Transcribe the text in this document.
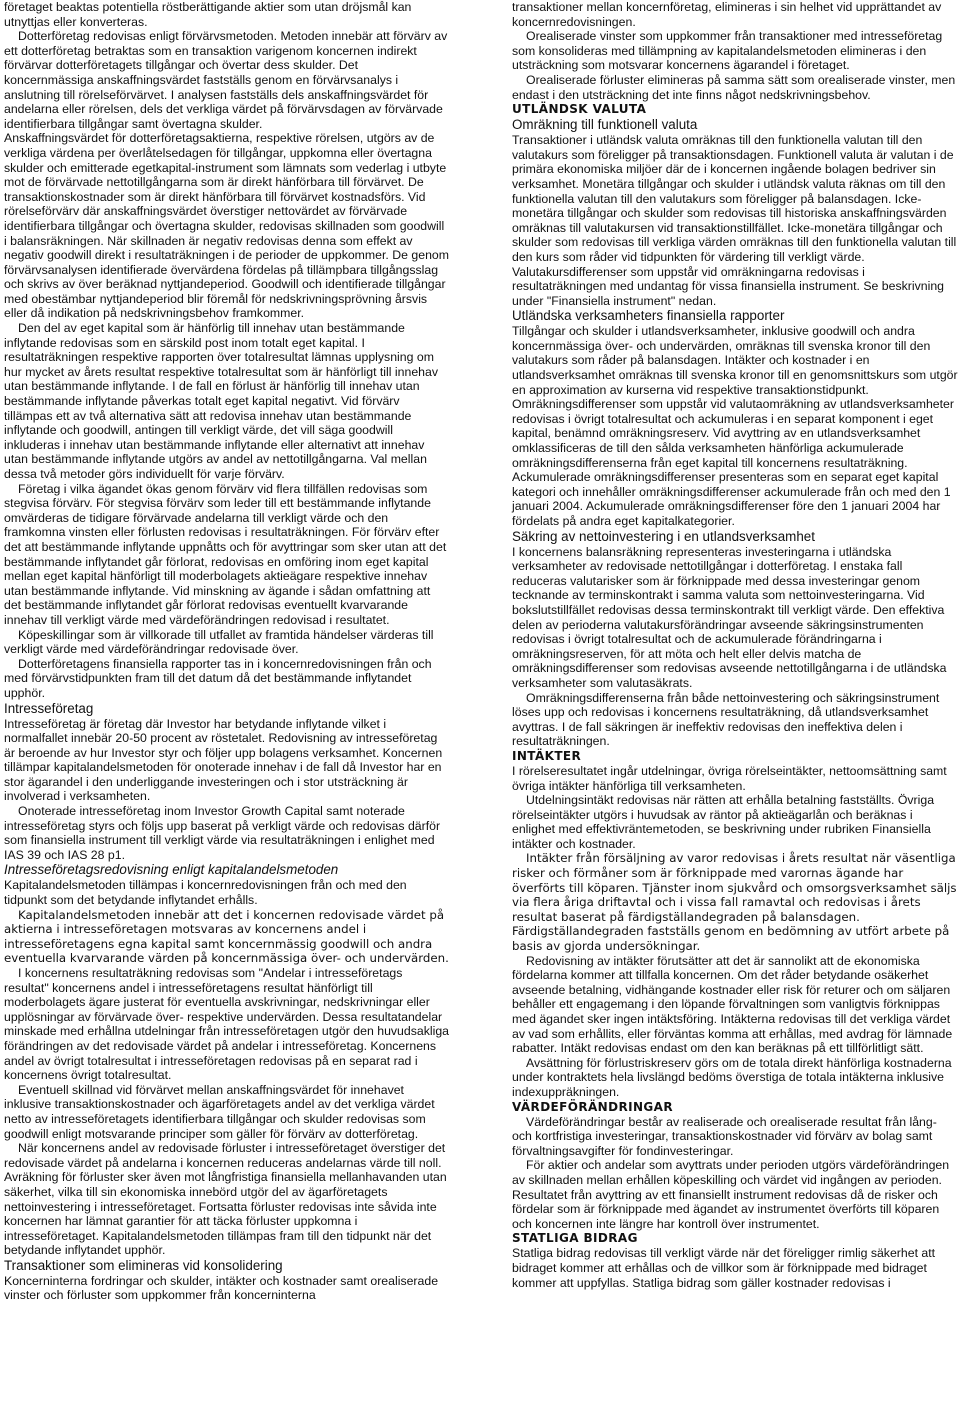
företaget beaktas potentiella röstberättigande aktier som utan dröjsmål kan utnyttjas eller konverteras.

Dotterföretag redovisas enligt förvärvsmetoden. Metoden innebär att förvärv av ett dotterföretag betraktas som en transaktion varigenom koncernen indirekt förvärvar dotterföretagets tillgångar och övertar dess skulder. Det koncernmässiga anskaffningsvärdet fastställs genom en förvärvsanalys i anslutning till rörelseförvärvet. I analysen fastställs dels anskaffningsvärdet för andelarna eller rörelsen, dels det verkliga värdet på förvärvsdagen av förvärvade identifierbara tillgångar samt övertagna skulder.

Anskaffningsvärdet för dotterföretagsaktierna, respektive rörelsen, utgörs av de verkliga värdena per överlåtelsedagen för tillgångar, uppkomna eller övertagna skulder och emitterade egetkapital-instrument som lämnats som vederlag i utbyte mot de förvärvade nettotillgångarna som är direkt hänförbara till förvärvet. De transaktionskostnader som är direkt hänförbara till förvärvet kostnadsförs. Vid rörelseförvärv där anskaffningsvärdet överstiger nettovärdet av förvärvade identifierbara tillgångar och övertagna skulder, redovisas skillnaden som goodwill i balansräkningen. När skillnaden är negativ redovisas denna som effekt av negativ goodwill direkt i resultaträkningen i de perioder de uppkommer. De genom förvärvsanalysen identifierade övervärdena fördelas på tillämpbara tillgångsslag och skrivs av över beräknad nyttjandeperiod. Goodwill och identifierade tillgångar med obestämbar nyttjandeperiod blir föremål för nedskrivningsprövning årsvis eller då indikation på nedskrivningsbehov framkommer.

Den del av eget kapital som är hänförlig till innehav utan bestämmande inflytande redovisas som en särskild post inom totalt eget kapital. I resultaträkningen respektive rapporten över totalresultat lämnas upplysning om hur mycket av årets resultat respektive totalresultat som är hänförligt till innehav utan bestämmande inflytande. I de fall en förlust är hänförlig till innehav utan bestämmande inflytande påverkas totalt eget kapital negativt. Vid förvärv tillämpas ett av två alternativa sätt att redovisa innehav utan bestämmande inflytande och goodwill, antingen till verkligt värde, det vill säga goodwill inkluderas i innehav utan bestämmande inflytande eller alternativt att innehav utan bestämmande inflytande utgörs av andel av nettotillgångarna. Val mellan dessa två metoder görs individuellt för varje förvärv.

Företag i vilka ägandet ökas genom förvärv vid flera tillfällen redovisas som stegvisa förvärv. För stegvisa förvärv som leder till ett bestämmande inflytande omvärderas de tidigare förvärvade andelarna till verkligt värde och den framkomna vinsten eller förlusten redovisas i resultaträkningen. För förvärv efter det att bestämmande inflytande uppnåtts och för avyttringar som sker utan att det bestämmande inflytandet går förlorat, redovisas en omföring inom eget kapital mellan eget kapital hänförligt till moderbolagets aktieägare respektive innehav utan bestämmande inflytande. Vid minskning av ägande i sådan omfattning att det bestämmande inflytandet går förlorat redovisas eventuellt kvarvarande innehav till verkligt värde med värdeförändringen redovisad i resultatet.

Köpeskillingar som är villkorade till utfallet av framtida händelser värderas till verkligt värde med värdeförändringar redovisade över.

Dotterföretagens finansiella rapporter tas in i koncernredovisningen från och med förvärvstidpunkten fram till det datum då det bestämmande inflytandet upphör.

Intresseföretag

Intresseföretag är företag där Investor har betydande inflytande vilket i normalfallet innebär 20-50 procent av röstetalet. Redovisning av intresseföretag är beroende av hur Investor styr och följer upp bolagens verksamhet. Koncernen tillämpar kapitalandelsmetoden för onoterade innehav i de fall då Investor har en stor ägarandel i den underliggande investeringen och i stor utsträckning är involverad i verksamheten.

Onoterade intresseföretag inom Investor Growth Capital samt noterade intresseföretag styrs och följs upp baserat på verkligt värde och redovisas därför som finansiella instrument till verkligt värde via resultaträkningen i enlighet med IAS 39 och IAS 28 p1.

Intresseföretagsredovisning enligt kapitalandelsmetoden

Kapitalandelsmetoden tillämpas i koncernredovisningen från och med den tidpunkt som det betydande inflytandet erhålls.

Kapitalandelsmetoden innebär att det i koncernen redovisade värdet på aktierna i intresseföretagen motsvaras av koncernens andel i intresseföretagens egna kapital samt koncernmässig goodwill och andra eventuella kvarvarande värden på koncernmässiga över- och undervärden.

I koncernens resultaträkning redovisas som "Andelar i intresseföretags resultat" koncernens andel i intresseföretagens resultat hänförligt till moderbolagets ägare justerat för eventuella avskrivningar, nedskrivningar eller upplösningar av förvärvade över- respektive undervärden. Dessa resultatandelar minskade med erhållna utdelningar från intresseföretagen utgör den huvudsakliga förändringen av det redovisade värdet på andelar i intresseföretag. Koncernens andel av övrigt totalresultat i intresseföretagen redovisas på en separat rad i koncernens övrigt totalresultat.

Eventuell skillnad vid förvärvet mellan anskaffningsvärdet för innehavet inklusive transaktionskostnader och ägarföretagets andel av det verkliga värdet netto av intresseföretagets identifierbara tillgångar och skulder redovisas som goodwill enligt motsvarande principer som gäller för förvärv av dotterföretag.

När koncernens andel av redovisade förluster i intresseföretaget överstiger det redovisade värdet på andelarna i koncernen reduceras andelarnas värde till noll. Avräkning för förluster sker även mot långfristiga finansiella mellanhavanden utan säkerhet, vilka till sin ekonomiska innebörd utgör del av ägarföretagets nettoinvestering i intresseföretaget. Fortsatta förluster redovisas inte såvida inte koncernen har lämnat garantier för att täcka förluster uppkomna i intresseföretaget. Kapitalandelsmetoden tillämpas fram till den tidpunkt när det betydande inflytandet upphör.

Transaktioner som elimineras vid konsolidering

Koncerninterna fordringar och skulder, intäkter och kostnader samt orealiserade vinster och förluster som uppkommer från koncerninterna

transaktioner mellan koncernföretag, elimineras i sin helhet vid upprättandet av koncernredovisningen.

Orealiserade vinster som uppkommer från transaktioner med intresseföretag som konsolideras med tillämpning av kapitalandelsmetoden elimineras i den utsträckning som motsvarar koncernens ägarandel i företaget.

Orealiserade förluster elimineras på samma sätt som orealiserade vinster, men endast i den utsträckning det inte finns något nedskrivningsbehov.

UTLÄNDSK VALUTA

Omräkning till funktionell valuta

Transaktioner i utländsk valuta omräknas till den funktionella valutan till den valutakurs som föreligger på transaktionsdagen. Funktionell valuta är valutan i de primära ekonomiska miljöer där de i koncernen ingående bolagen bedriver sin verksamhet. Monetära tillgångar och skulder i utländsk valuta räknas om till den funktionella valutan till den valutakurs som föreligger på balansdagen. Icke-monetära tillgångar och skulder som redovisas till historiska anskaffningsvärden omräknas till valutakursen vid transaktionstillfället. Icke-monetära tillgångar och skulder som redovisas till verkliga värden omräknas till den funktionella valutan till den kurs som råder vid tidpunkten för värdering till verkligt värde. Valutakursdifferenser som uppstår vid omräkningarna redovisas i resultaträkningen med undantag för vissa finansiella instrument. Se beskrivning under "Finansiella instrument" nedan.

Utländska verksamheters finansiella rapporter

Tillgångar och skulder i utlandsverksamheter, inklusive goodwill och andra koncernmässiga över- och undervärden, omräknas till svenska kronor till den valutakurs som råder på balansdagen. Intäkter och kostnader i en utlandsverksamhet omräknas till svenska kronor till en genomsnittskurs som utgör en approximation av kurserna vid respektive transaktionstidpunkt. Omräkningsdifferenser som uppstår vid valutaomräkning av utlandsverksamheter redovisas i övrigt totalresultat och ackumuleras i en separat komponent i eget kapital, benämnd omräkningsreserv. Vid avyttring av en utlandsverksamhet omklassificeras de till den sålda verksamheten hänförliga ackumulerade omräkningsdifferenserna från eget kapital till koncernens resultaträkning. Ackumulerade omräkningsdifferenser presenteras som en separat eget kapital kategori och innehåller omräkningsdifferenser ackumulerade från och med den 1 januari 2004. Ackumulerade omräkningsdifferenser före den 1 januari 2004 har fördelats på andra eget kapitalkategorier.

Säkring av nettoinvestering i en utlandsverksamhet

I koncernens balansräkning representeras investeringarna i utländska verksamheter av redovisade nettotillgångar i dotterföretag. I enstaka fall reduceras valutarisker som är förknippade med dessa investeringar genom tecknande av terminskontrakt i samma valuta som nettoinvesteringarna. Vid bokslutstillfället redovisas dessa terminskontrakt till verkligt värde. Den effektiva delen av perioderna valutakursförändringar avseende säkringsinstrumenten redovisas i övrigt totalresultat och de ackumulerade förändringarna i omräkningsreserven, för att möta och helt eller delvis matcha de omräkningsdifferenser som redovisas avseende nettotillgångarna i de utländska verksamheter som valutasäkrats.

Omräkningsdifferenserna från både nettoinvestering och säkringsinstrument löses upp och redovisas i koncernens resultaträkning, då utlandsverksamhet avyttras. I de fall säkringen är ineffektiv redovisas den ineffektiva delen i resultaträkningen.

INTÄKTER

I rörelseresultatet ingår utdelningar, övriga rörelseintäkter, nettoomsättning samt övriga intäkter hänförliga till verksamheten.

Utdelningsintäkt redovisas när rätten att erhålla betalning fastställts. Övriga rörelseintäkter utgörs i huvudsak av räntor på aktieägarlån och beräknas i enlighet med effektivräntemetoden, se beskrivning under rubriken Finansiella intäkter och kostnader.

Intäkter från försäljning av varor redovisas i årets resultat när väsentliga risker och förmåner som är förknippade med varornas ägande har överförts till köparen. Tjänster inom sjukvård och omsorgsverksamhet säljs via flera åriga driftavtal och i vissa fall ramavtal och redovisas i årets resultat baserat på färdigställandegraden på balansdagen. Färdigställandegraden fastställs genom en bedömning av utfört arbete på basis av gjorda undersökningar.

Redovisning av intäkter förutsätter att det är sannolikt att de ekonomiska fördelarna kommer att tillfalla koncernen. Om det råder betydande osäkerhet avseende betalning, vidhängande kostnader eller risk för returer och om säljaren behåller ett engagemang i den löpande förvaltningen som vanligtvis förknippas med ägandet sker ingen intäktsföring. Intäkterna redovisas till det verkliga värdet av vad som erhållits, eller förväntas komma att erhållas, med avdrag för lämnade rabatter. Intäkt redovisas endast om den kan beräknas på ett tillförlitligt sätt.

Avsättning för förlustriskreserv görs om de totala direkt hänförliga kostnaderna under kontraktets hela livslängd bedöms överstiga de totala intäkterna inklusive indexuppräkningen.

VÄRDEFÖRÄNDRINGAR

Värdeförändringar består av realiserade och orealiserade resultat från lång- och kortfristiga investeringar, transaktionskostnader vid förvärv av bolag samt förvaltningsavgifter för fondinvesteringar.

För aktier och andelar som avyttrats under perioden utgörs värdeförändringen av skillnaden mellan erhållen köpeskilling och värdet vid ingången av perioden. Resultatet från avyttring av ett finansiellt instrument redovisas då de risker och fördelar som är förknippade med ägandet av instrumentet överförts till köparen och koncernen inte längre har kontroll över instrumentet.

STATLIGA BIDRAG

Statliga bidrag redovisas till verkligt värde när det föreligger rimlig säkerhet att bidraget kommer att erhållas och de villkor som är förknippade med bidraget kommer att uppfyllas. Statliga bidrag som gäller kostnader redovisas i
